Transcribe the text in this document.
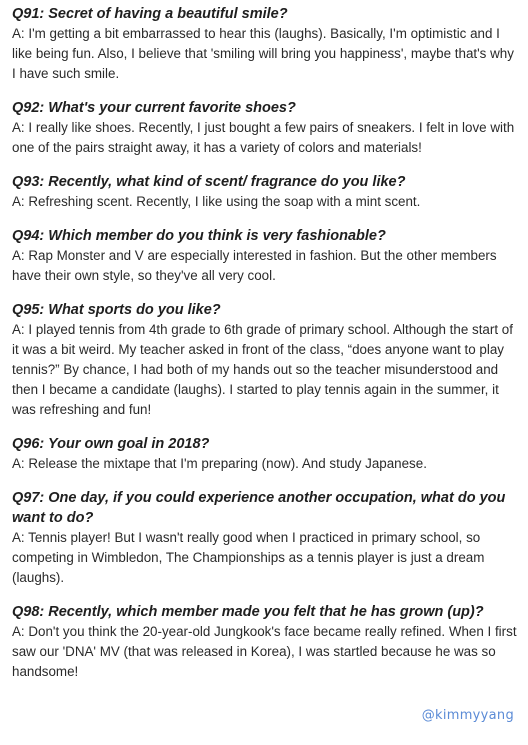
Q91: Secret of having a beautiful smile?

A: I'm getting a bit embarrassed to hear this (laughs). Basically, I'm optimistic and I like being fun. Also, I believe that 'smiling will bring you happiness', maybe that's why I have such smile.

Q92: What's your current favorite shoes?

A: I really like shoes. Recently, I just bought a few pairs of sneakers. I felt in love with one of the pairs straight away, it has a variety of colors and materials!

Q93: Recently, what kind of scent/ fragrance do you like?

A: Refreshing scent. Recently, I like using the soap with a mint scent.

Q94: Which member do you think is very fashionable?

A: Rap Monster and V are especially interested in fashion. But the other members have their own style, so they've all very cool.

Q95: What sports do you like?

A: I played tennis from 4th grade to 6th grade of primary school. Although the start of it was a bit weird. My teacher asked in front of the class, “does anyone want to play tennis?” By chance, I had both of my hands out so the teacher misunderstood and then I became a candidate (laughs). I started to play tennis again in the summer, it was refreshing and fun!

Q96: Your own goal in 2018?

A: Release the mixtape that I'm preparing (now). And study Japanese.

Q97: One day, if you could experience another occupation, what do you want to do?

A: Tennis player! But I wasn't really good when I practiced in primary school, so competing in Wimbledon, The Championships as a tennis player is just a dream (laughs).

Q98: Recently, which member made you felt that he has grown (up)?

A: Don't you think the 20-year-old Jungkook's face became really refined. When I first saw our 'DNA' MV (that was released in Korea), I was startled because he was so handsome!

@kimmyyang
